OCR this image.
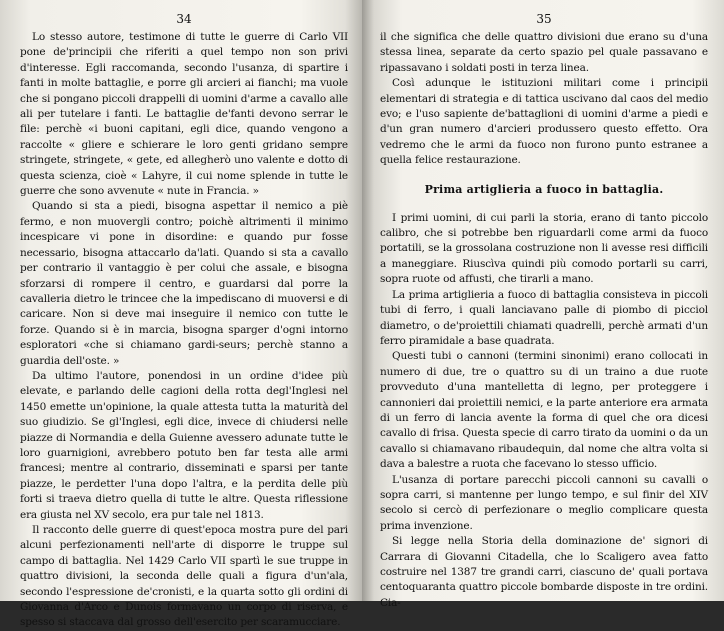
34

Lo stesso autore, testimone di tutte le guerre di Carlo VII pone de'principii che riferiti a quel tempo non son privi d'interesse. Egli raccomanda, secondo l'usanza, di spartire i fanti in molte battaglie, e porre gli arcieri ai fianchi; ma vuole che si pongano piccoli drappelli di uomini d'arme a cavallo alle ali per tutelare i fanti. Le battaglie de'fanti devono serrar le file: perchè «i buoni capitani, egli dice, quando vengono a raccolte « gliere e schierare le loro genti gridano sempre stringete, stringete, « gete, ed allegherò uno valente e dotto di questa scienza, cioè « Lahyre, il cui nome splende in tutte le guerre che sono avvenute « nute in Francia. »

Quando si sta a piedi, bisogna aspettar il nemico a piè fermo, e non muovergli contro; poichè altrimenti il minimo incespicare vi pone in disordine: e quando pur fosse necessario, bisogna attaccarlo da'lati. Quando si sta a cavallo per contrario il vantaggio è per colui che assale, e bisogna sforzarsi di rompere il centro, e guardarsi dal porre la cavalleria dietro le trincee che la impediscano di muoversi e di caricare. Non si deve mai inseguire il nemico con tutte le forze. Quando si è in marcia, bisogna sparger d'ogni intorno esploratori «che si chiamano gardi-seurs; perchè stanno a guardia dell'oste. »

Da ultimo l'autore, ponendosi in un ordine d'idee più elevate, e parlando delle cagioni della rotta degl'Inglesi nel 1450 emette un'opinione, la quale attesta tutta la maturità del suo giudizio. Se gl'Inglesi, egli dice, invece di chiudersi nelle piazze di Normandia e della Guienne avessero adunate tutte le loro guarnigioni, avrebbero potuto ben far testa alle armi francesi; mentre al contrario, disseminati e sparsi per tante piazze, le perdetter l'una dopo l'altra, e la perdita delle più forti si traeva dietro quella di tutte le altre. Questa riflessione era giusta nel XV secolo, era pur tale nel 1813.

Il racconto delle guerre di quest'epoca mostra pure del pari alcuni perfezionamenti nell'arte di disporre le truppe sul campo di battaglia. Nel 1429 Carlo VII spartì le sue truppe in quattro divisioni, la seconda delle quali a figura d'un'ala, secondo l'espressione de'cronisti, e la quarta sotto gli ordini di Giovanna d'Arco e Dunois formavano un corpo di riserva, e spesso si staccava dal grosso dell'esercito per scaramucciare.

35

il che significa che delle quattro divisioni due erano su d'una stessa linea, separate da certo spazio pel quale passavano e ripassavano i soldati posti in terza linea.

Così adunque le istituzioni militari come i principii elementari di strategia e di tattica uscivano dal caos del medio evo; e l'uso sapiente de'battaglioni di uomini d'arme a piedi e d'un gran numero d'arcieri produssero questo effetto. Ora vedremo che le armi da fuoco non furono punto estranee a quella felice restaurazione.

Prima artiglieria a fuoco in battaglia.

I primi uomini, di cui parli la storia, erano di tanto piccolo calibro, che si potrebbe ben riguardarli come armi da fuoco portatili, se la grossolana costruzione non li avesse resi difficili a maneggiare. Riuscìva quindi più comodo portarli su carri, sopra ruote od affusti, che tirarli a mano.

La prima artiglieria a fuoco di battaglia consisteva in piccoli tubi di ferro, i quali lanciavano palle di piombo di picciol diametro, o de'proiettili chiamati quadrelli, perchè armati d'un ferro piramidale a base quadrata.

Questi tubi o cannoni (termini sinonimi) erano collocati in numero di due, tre o quattro su di un traino a due ruote provveduto d'una mantelletta di legno, per proteggere i cannonieri dai proiettili nemici, e la parte anteriore era armata di un ferro di lancia avente la forma di quel che ora dicesi cavallo di frisa. Questa specie di carro tirato da uomini o da un cavallo si chiamavano ribaudequin, dal nome che altra volta si dava a balestre a ruota che facevano lo stesso ufficio.

L'usanza di portare parecchi piccoli cannoni su cavalli o sopra carri, si mantenne per lungo tempo, e sul finir del XIV secolo si cercò di perfezionare o meglio complicare questa prima invenzione.

Si legge nella Storia della dominazione de' signori di Carrara di Giovanni Citadella, che lo Scaligero avea fatto costruire nel 1387 tre grandi carri, ciascuno de' quali portava centoquaranta quattro piccole bombarde disposte in tre ordini. Cia-
